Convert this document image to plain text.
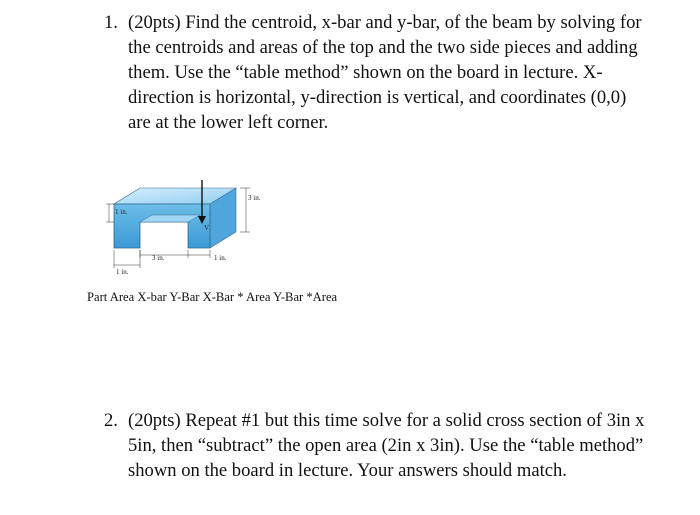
1. (20pts) Find the centroid, x-bar and y-bar, of the beam by solving for the centroids and areas of the top and the two side pieces and adding them. Use the “table method” shown on the board in lecture. X-direction is horizontal, y-direction is vertical, and coordinates (0,0) are at the lower left corner.
V
3 in.
1 in.
3 in.	1 in.
1 in.
Part Area X-bar Y-Bar X-Bar * Area Y-Bar *Area
2. (20pts) Repeat #1 but this time solve for a solid cross section of 3in x 5in, then “subtract” the open area (2in x 3in). Use the “table method” shown on the board in lecture. Your answers should match.
